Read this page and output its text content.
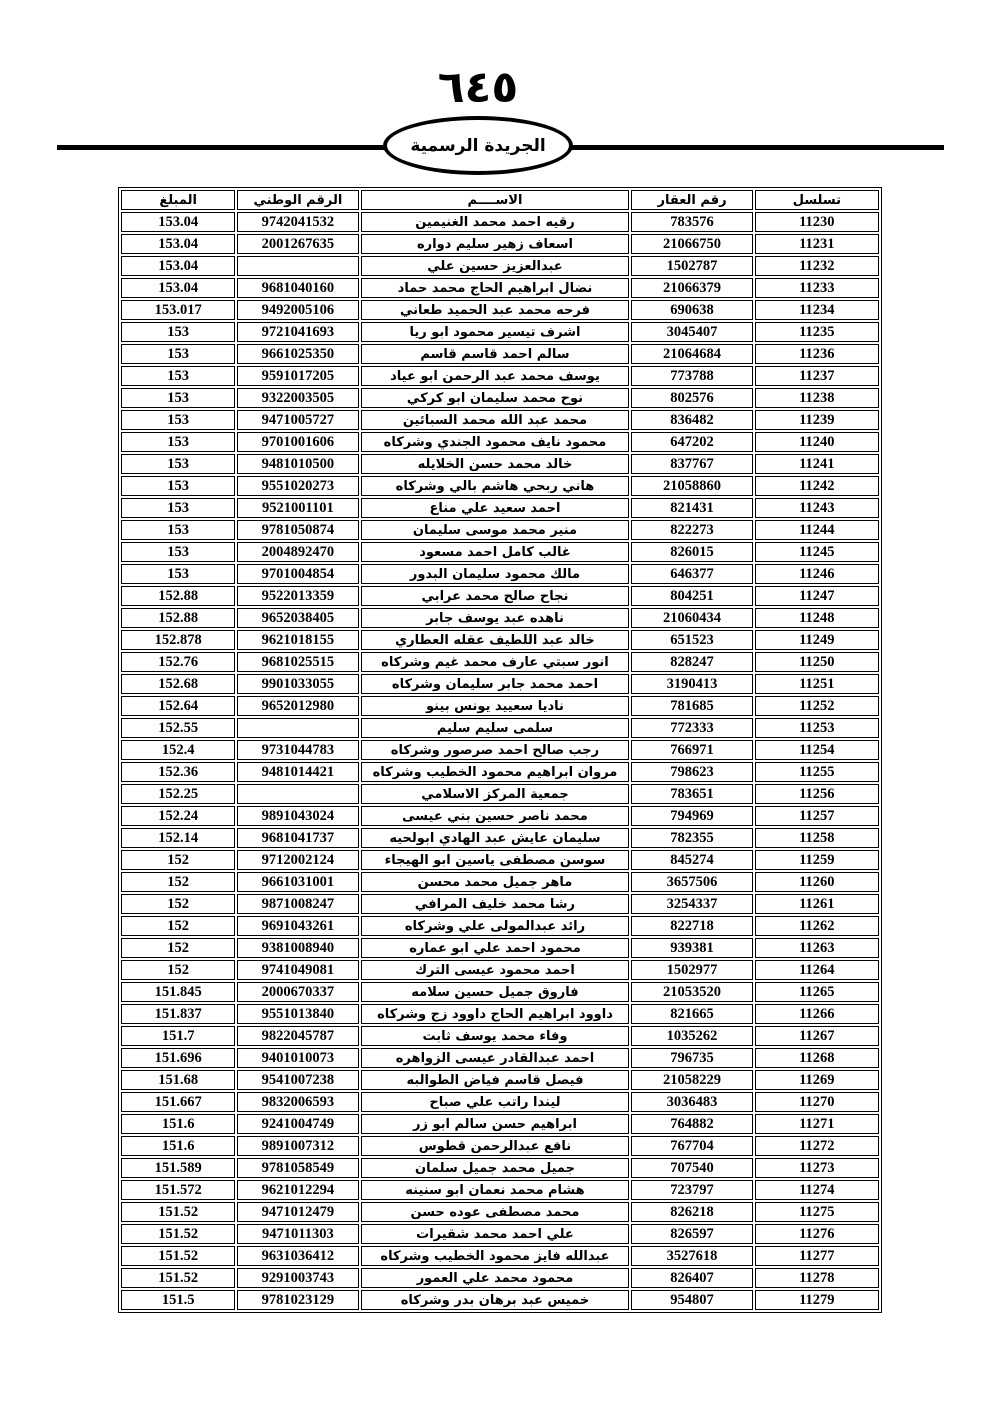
٦٤٥
الجريدة الرسمية
تسلسل	رقم العقار	الاســــم	الرقم الوطني	المبلغ
11230	783576	رقيه احمد محمد الغنيمين	9742041532	153.04
11231	21066750	اسعاف زهير سليم دواره	2001267635	153.04
11232	1502787	عبدالعزيز حسين علي		153.04
11233	21066379	نضال ابراهيم الحاج محمد حماد	9681040160	153.04
11234	690638	فرحه محمد عبد الحميد طعاني	9492005106	153.017
11235	3045407	اشرف تيسير محمود ابو ريا	9721041693	153
11236	21064684	سالم احمد قاسم قاسم	9661025350	153
11237	773788	يوسف محمد عبد الرحمن ابو عياد	9591017205	153
11238	802576	نوح محمد سليمان ابو كركي	9322003505	153
11239	836482	محمد عبد الله محمد السبائين	9471005727	153
11240	647202	محمود نايف محمود الجندي وشركاه	9701001606	153
11241	837767	خالد محمد حسن الخلايله	9481010500	153
11242	21058860	هاني ربحي هاشم بالي وشركاه	9551020273	153
11243	821431	احمد سعيد علي مناع	9521001101	153
11244	822273	منير محمد موسى سليمان	9781050874	153
11245	826015	غالب كامل احمد مسعود	2004892470	153
11246	646377	مالك محمود سليمان البدور	9701004854	153
11247	804251	نجاح صالح محمد عرابي	9522013359	152.88
11248	21060434	ناهده عبد يوسف جابر	9652038405	152.88
11249	651523	خالد عبد اللطيف عقله العطاري	9621018155	152.878
11250	828247	انور سبتي عارف محمد غيم وشركاه	9681025515	152.76
11251	3190413	احمد محمد جابر سليمان وشركاه	9901033055	152.68
11252	781685	ناديا سعييد يونس بينو	9652012980	152.64
11253	772333	سلمى سليم سليم		152.55
11254	766971	رجب صالح احمد صرصور وشركاه	9731044783	152.4
11255	798623	مروان ابراهيم محمود الخطيب وشركاه	9481014421	152.36
11256	783651	جمعية المركز الاسلامي		152.25
11257	794969	محمد ناصر حسين بني عيسى	9891043024	152.24
11258	782355	سليمان عايش عبد الهادي ابولحيه	9681041737	152.14
11259	845274	سوسن مصطفى ياسين ابو الهيجاء	9712002124	152
11260	3657506	ماهر جميل محمد محسن	9661031001	152
11261	3254337	رشا محمد خليف المرافي	9871008247	152
11262	822718	رائد عبدالمولى علي وشركاه	9691043261	152
11263	939381	محمود احمد علي ابو عماره	9381008940	152
11264	1502977	احمد محمود عيسى الترك	9741049081	152
11265	21053520	فاروق جميل حسين سلامه	2000670337	151.845
11266	821665	داوود ابراهيم الحاج داوود زج وشركاه	9551013840	151.837
11267	1035262	وفاء محمد يوسف ثابت	9822045787	151.7
11268	796735	احمد عبدالقادر عيسى الزواهره	9401010073	151.696
11269	21058229	فيصل قاسم فياض الطوالبه	9541007238	151.68
11270	3036483	ليندا راتب علي صباح	9832006593	151.667
11271	764882	ابراهيم حسن سالم ابو زر	9241004749	151.6
11272	767704	نافع عبدالرحمن قطوس	9891007312	151.6
11273	707540	جميل محمد جميل سلمان	9781058549	151.589
11274	723797	هشام محمد نعمان ابو سنينه	9621012294	151.572
11275	826218	محمد مصطفى عوده حسن	9471012479	151.52
11276	826597	علي احمد محمد شقيرات	9471011303	151.52
11277	3527618	عبدالله فايز محمود الخطيب وشركاه	9631036412	151.52
11278	826407	محمود محمد علي العمور	9291003743	151.52
11279	954807	خميس عبد برهان بدر وشركاه	9781023129	151.5
